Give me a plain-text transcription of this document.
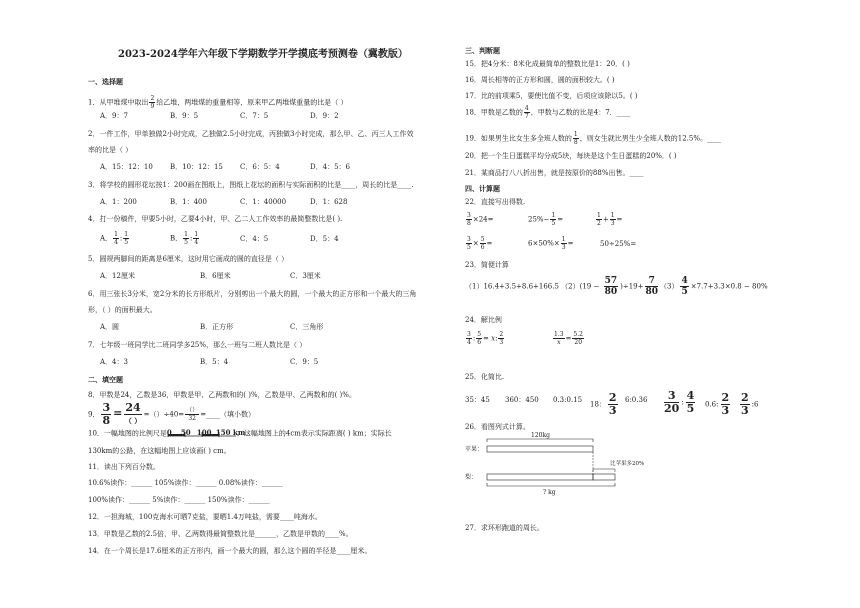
2023-2024学年六年级下学期数学开学摸底考预测卷（冀教版）
一、选择题
1．从甲堆煤中取出 $\frac{2}{9}$ 给乙堆，两堆煤的重量相等，原来甲乙两堆煤重量的比是（ ）
A．9：7	B．9：5	C．7：5	D．9：2
2．一件工作，甲单独做2小时完成，乙独做2.5小时完成，丙独做3小时完成，那么甲、乙、丙三人工作效
率的比是（ ）
A．15：12：10 B．10：12：15 C．6：5：4	D．4：5：6
3．将学校的圆形花坛按1：200画在图纸上，图纸上花坛的面积与实际面积的比是____，周长的比是____.
A．1：200	B．1：400	C．1：40000	D．1：628
4．打一份稿件，甲要5小时，乙要4小时，甲、乙二人工作效率的最简整数比是( ).
A． $\frac{1}{4}$ : $\frac{1}{5}$	B． $\frac{1}{5}$ : $\frac{1}{4}$	C．4：5	D．5：4
5．圆规两脚间的距离是6厘米，这时用它画成的圆的直径是（ ）
A．12厘米	B．6厘米	C．3厘米
6．用三张长3分米，宽2分米的长方形纸片，分别剪出一个最大的圆，一个最大的正方形和一个最大的三角
形，（ ）的面积最大。
A．圆	B．正方形	C．三角形
7．七年级一班同学比二班同学多25%，那么一班与二班人数比是（ ）
A．4：3	B．5：4	C．9：5
二、填空题
8．甲数是24，乙数是36，甲数是甲、乙两数和的( )%，乙数是甲、乙两数和的( )%。
9． $\frac{3}{8} = 24$
（ ）
$=()\div 40= \frac{()}{32}$ =____（填小数）
10．一幅地图的比例尺是 0 50 100 150 km
，这幅地图上的4cm表示实际距离( ) km；实际长
130km的公路，在这幅地图上应该画( ) cm。
11．读出下列百分数。
10.6%读作：______ 105%读作：______ 0.08%读作：______
100%读作：______ 5%读作：______ 150%读作：______
12．一担海城，100克海水可晒7克盐，要晒1.4万吨盐，需要____吨海水。
13．甲数是乙数的2.5倍，甲、乙两数得最简整数比是______，乙数是甲数的____%。
14．在一个周长是17.6厘米的正方形内，画一个最大的圆，那么这个圆的半径是____厘米。
三、判断题
15．把4分米：8米化成最简单的整数比是1：20．( )
16．周长相等的正方形和圆，圆的面积较大。( )
17．比的前项乘5，要使比值不变，后项应该除以5。( )
18．甲数是乙数的 $\frac{4}{7}$ ，甲数与乙数的比是4：7．____
19．如果男生比女生多全班人数的 $\frac{1}{8}$ ，则女生就比男生少全班人数的12.5%。____
20．把一个生日蛋糕平均分成5块，每块是这个生日蛋糕的20%．( )
21．某商品打八八折出售，就是按原价的88%出售。____
四、计算题
22．直接写出得数.
$\frac{3}{8} \times 24=$	$25\%- \frac{1}{5}$ =	$\frac{1}{2} + \frac{1}{3}$ =
$\frac{3}{5} \times \frac{5}{6}$ =	$6\times 50\%\times \frac{1}{3}$ =	50÷25%=
23．简便计算
（1）16.4+3.5+8.6+166.5 $(2)(19 - \frac{57}{80} )\div 19+ \frac{7}{80} (3) \frac{4}{5} \times 7.7+3.3\times 0.8 - 80\%$
24．解比例
$\frac{3}{4}$ : $\frac{5}{6} = x$: $\frac{2}{3}$	$\frac{1.3}{x} = \frac{5.2}{20}$
25．化简比.
35：45 360：450 0.3:0.15
18： $\frac{2}{3}$ 6:0.36 $\frac{3}{20}$ : $\frac{4}{5} 0.6$: $\frac{2}{3} \frac{2}{3}$ :6
26．看图列式计算。
120kg
苹果：
梨：
比苹果多20%
? kg
27．求环形跑道的周长。
